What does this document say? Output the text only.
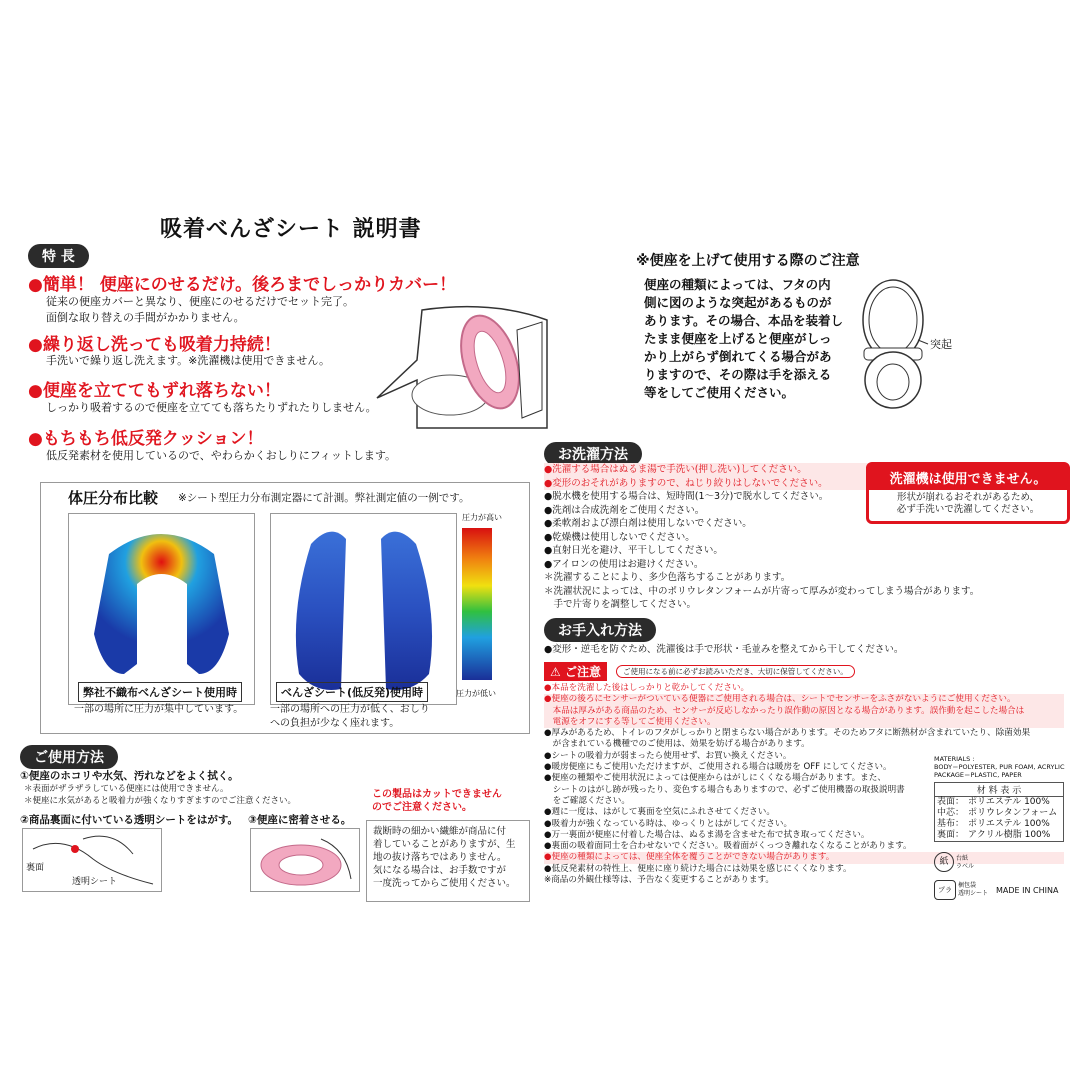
吸着べんざシート 説明書
特 長
●簡単！ 便座にのせるだけ。後ろまでしっかりカバー！
従来の便座カバーと異なり、便座にのせるだけでセット完了。
面倒な取り替えの手間がかかりません。
●繰り返し洗っても吸着力持続！
手洗いで繰り返し洗えます。※洗濯機は使用できません。
●便座を立ててもずれ落ちない！
しっかり吸着するので便座を立てても落ちたりずれたりしません。
●もちもち低反発クッション！
低反発素材を使用しているので、やわらかくおしりにフィットします。
体圧分布比較 ※シート型圧力分布測定器にて計測。弊社測定値の一例です。
圧力が高い
圧力が低い
弊社不織布べんざシート使用時
一部の場所に圧力が集中しています。
べんざシート(低反発)使用時
一部の場所への圧力が低く、おしり
への負担が少なく座れます。
ご使用方法
①便座のホコリや水気、汚れなどをよく拭く。
＊表面がザラザラしている便座には使用できません。
＊便座に水気があると吸着力が強くなりすぎますのでご注意ください。
②商品裏面に付いている透明シートをはがす。
裏面
透明シート
③便座に密着させる。
この製品はカットできません
のでご注意ください。
裁断時の細かい繊維が商品に付
着していることがありますが、生
地の抜け落ちではありません。
気になる場合は、お手数ですが
一度洗ってからご使用ください。
※便座を上げて使用する際のご注意
便座の種類によっては、フタの内
側に図のような突起があるものが
あります。その場合、本品を装着し
たまま便座を上げると便座がしっ
かり上がらず倒れてくる場合があ
りますので、その際は手を添える
等をしてご使用ください。
突起
お洗濯方法
●洗濯する場合はぬるま湯で手洗い(押し洗い)してください。
●変形のおそれがありますので、ねじり絞りはしないでください。
●脱水機を使用する場合は、短時間(1～3分)で脱水してください。
●洗剤は合成洗剤をご使用ください。
●柔軟剤および漂白剤は使用しないでください。
●乾燥機は使用しないでください。
●直射日光を避け、平干ししてください。
●アイロンの使用はお避けください。
＊洗濯することにより、多少色落ちすることがあります。
＊洗濯状況によっては、中のポリウレタンフォームが片寄って厚みが変わってしまう場合があります。
　手で片寄りを調整してください。
洗濯機は使用できません。
形状が崩れるおそれがあるため、
必ず手洗いで洗濯してください。
お手入れ方法
●変形・逆毛を防ぐため、洗濯後は手で形状・毛並みを整えてから干してください。
⚠ ご注意	ご使用になる前に必ずお読みいただき、大切に保管してください。
●本品を洗濯した後はしっかりと乾かしてください。
●便座の後ろにセンサーがついている便器にご使用される場合は、シートでセンサーをふさがないようにご使用ください。
　本品は厚みがある商品のため、センサーが反応しなかったり誤作動の原因となる場合があります。誤作動を起こした場合は
　電源をオフにする等してご使用ください。
●厚みがあるため、トイレのフタがしっかりと閉まらない場合があります。そのためフタに断熱材が含まれていたり、除菌効果
　が含まれている機種でのご使用は、効果を妨げる場合があります。
●シートの吸着力が弱まったら使用せず、お買い換えください。
●暖房便座にもご使用いただけますが、ご使用される場合は暖房を OFF にしてください。
●便座の種類やご使用状況によっては便座からはがしにくくなる場合があります。また、
　シートのはがし跡が残ったり、変色する場合もありますので、必ずご使用機器の取扱説明書
　をご確認ください。
●週に一度は、はがして裏面を空気にふれさせてください。
●吸着力が強くなっている時は、ゆっくりとはがしてください。
●万一裏面が便座に付着した場合は、ぬるま湯を含ませた布で拭き取ってください。
●裏面の吸着面同士を合わせないでください。吸着面がくっつき離れなくなることがあります。
●便座の種類によっては、便座全体を覆うことができない場合があります。
●低反発素材の特性上、便座に座り続けた場合には効果を感じにくくなります。
※商品の外観仕様等は、予告なく変更することがあります。
MATERIALS :
BODY＝POLYESTER, PUR FOAM, ACRYLIC
PACKAGE＝PLASTIC, PAPER
材 料 表 示
表面：	ポリエステル 100%
中芯：	ポリウレタンフォーム
基布：	ポリエステル 100%
裏面：	アクリル樹脂 100%
紙	台紙
ラベル
プラ
梱包袋
透明シート MADE IN CHINA
